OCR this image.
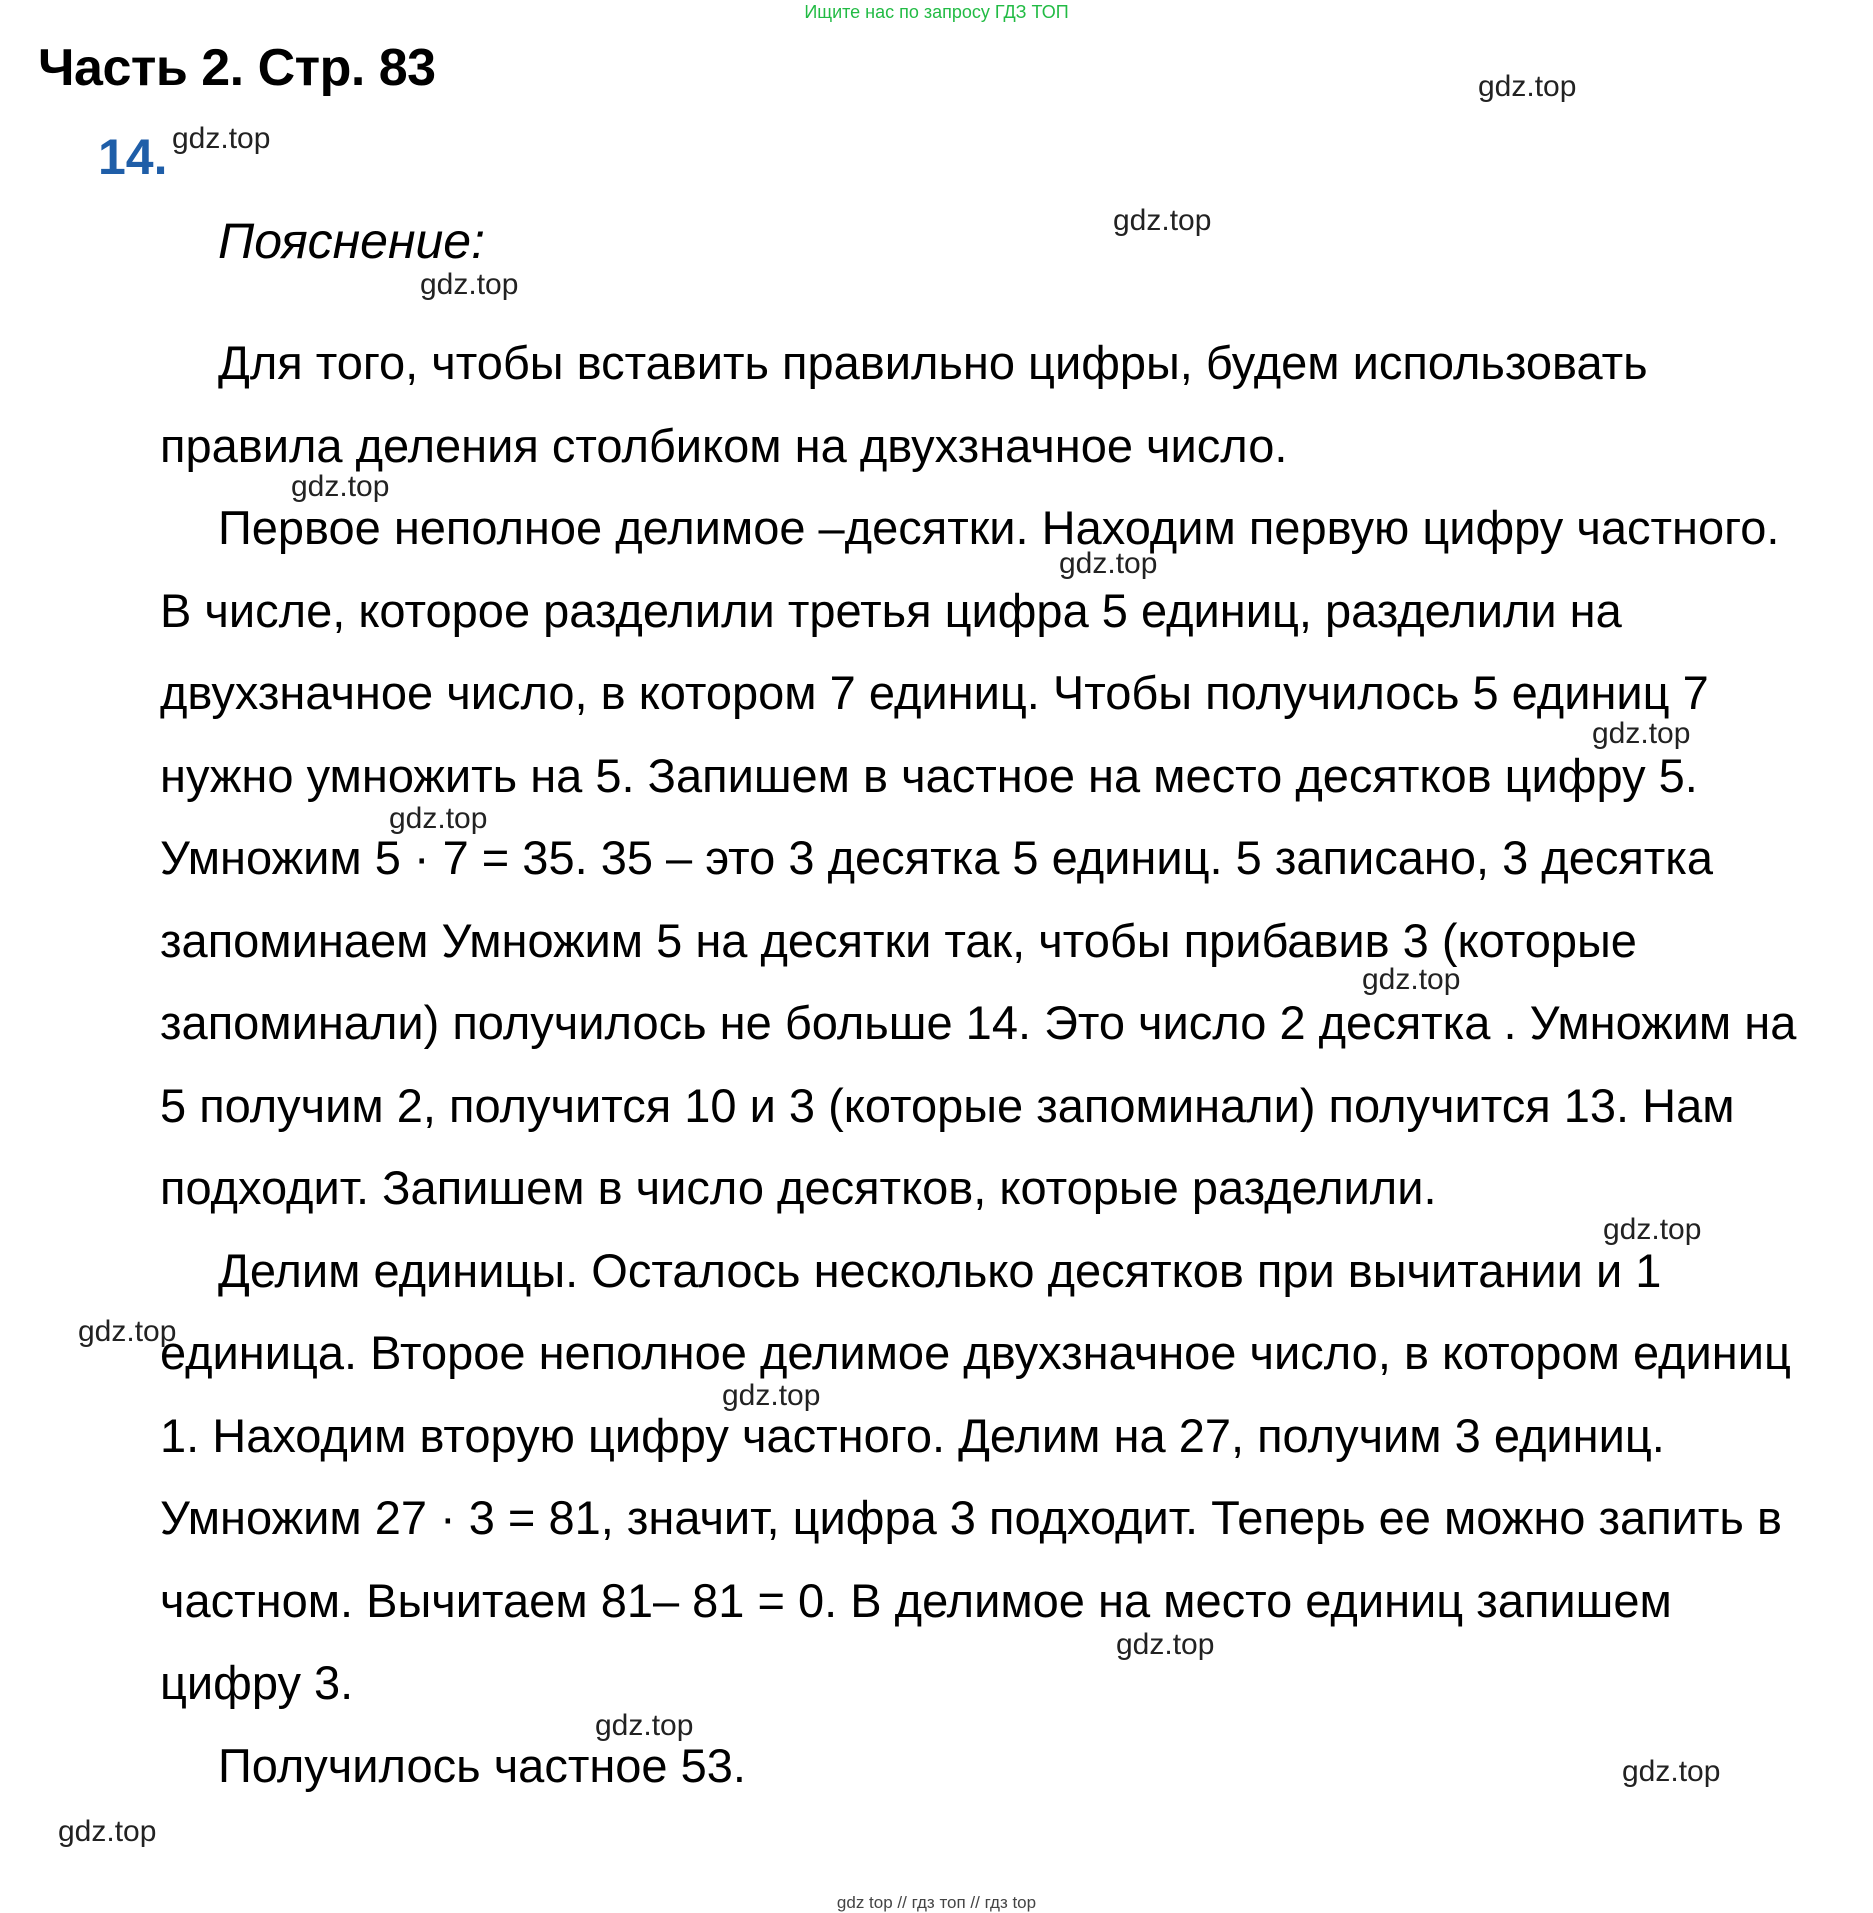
Ищите нас по запросу ГДЗ ТОП
Часть 2. Стр. 83
14.
Пояснение:

Для того, чтобы вставить правильно цифры, будем использовать правила деления столбиком на двухзначное число.

Первое неполное делимое –десятки. Находим первую цифру частного. В числе, которое разделили третья цифра 5 единиц, разделили на двухзначное число, в котором 7 единиц. Чтобы получилось 5 единиц 7 нужно умножить на 5. Запишем в частное на место десятков цифру 5. Умножим 5 · 7 = 35. 35 – это 3 десятка 5 единиц. 5 записано, 3 десятка запоминаем Умножим 5 на десятки так, чтобы прибавив 3 (которые запоминали) получилось не больше 14. Это число 2 десятка . Умножим на 5 получим 2, получится 10 и 3 (которые запоминали) получится 13. Нам подходит. Запишем в число десятков, которые разделили.

Делим единицы. Осталось несколько десятков при вычитании и 1 единица. Второе неполное делимое двухзначное число, в котором единиц 1. Находим вторую цифру частного. Делим на 27, получим 3 единиц. Умножим 27 · 3 = 81, значит, цифра 3 подходит. Теперь ее можно запить в частном. Вычитаем 81– 81 = 0. В делимое на место единиц запишем цифру 3.

Получилось частное 53.

gdz.top
gdz.top
gdz.top
gdz.top
gdz.top
gdz.top
gdz.top
gdz.top
gdz.top
gdz.top
gdz.top
gdz.top
gdz.top
gdz.top
gdz.top
gdz.top
gdz top // гдз топ // гдз top
